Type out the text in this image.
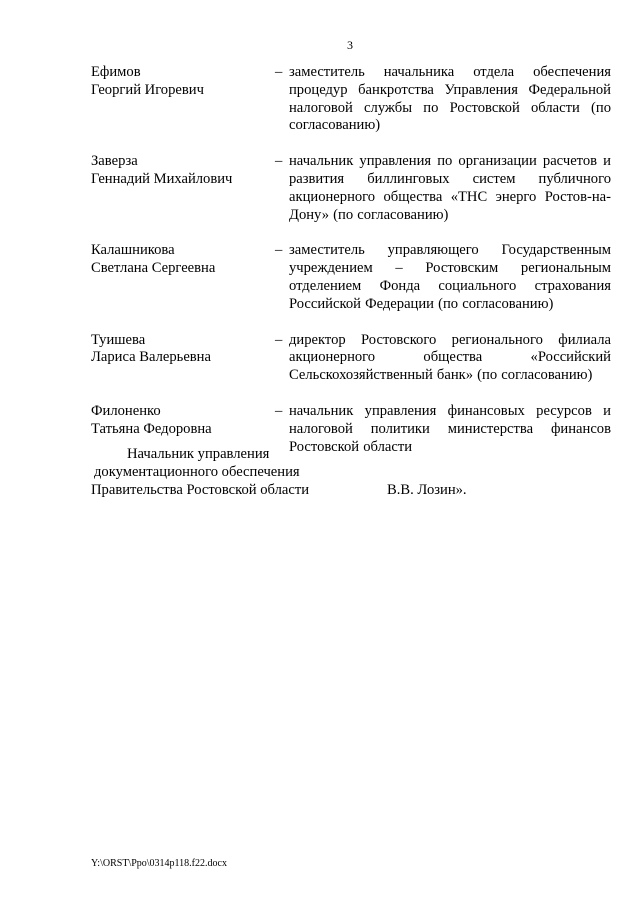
3
Ефимов
Георгий Игоревич
– заместитель начальника отдела обеспечения процедур банкротства Управления Федеральной налоговой службы по Ростовской области (по согласованию)
Заверза
Геннадий Михайлович
– начальник управления по организации расчетов и развития биллинговых систем публичного акционерного общества «ТНС энерго Ростов-на-Дону» (по согласованию)
Калашникова
Светлана Сергеевна
– заместитель управляющего Государственным учреждением – Ростовским региональным отделением Фонда социального страхования Российской Федерации (по согласованию)
Туишева
Лариса Валерьевна
– директор Ростовского регионального филиала акционерного общества «Российский Сельскохозяйственный банк» (по согласованию)
Филоненко
Татьяна Федоровна
– начальник управления финансовых ресурсов и налоговой политики министерства финансов Ростовской области
Начальник управления
документационного обеспечения
Правительства Ростовской области	В.В. Лозин».
Y:\ORST\Ppo\0314p118.f22.docx
